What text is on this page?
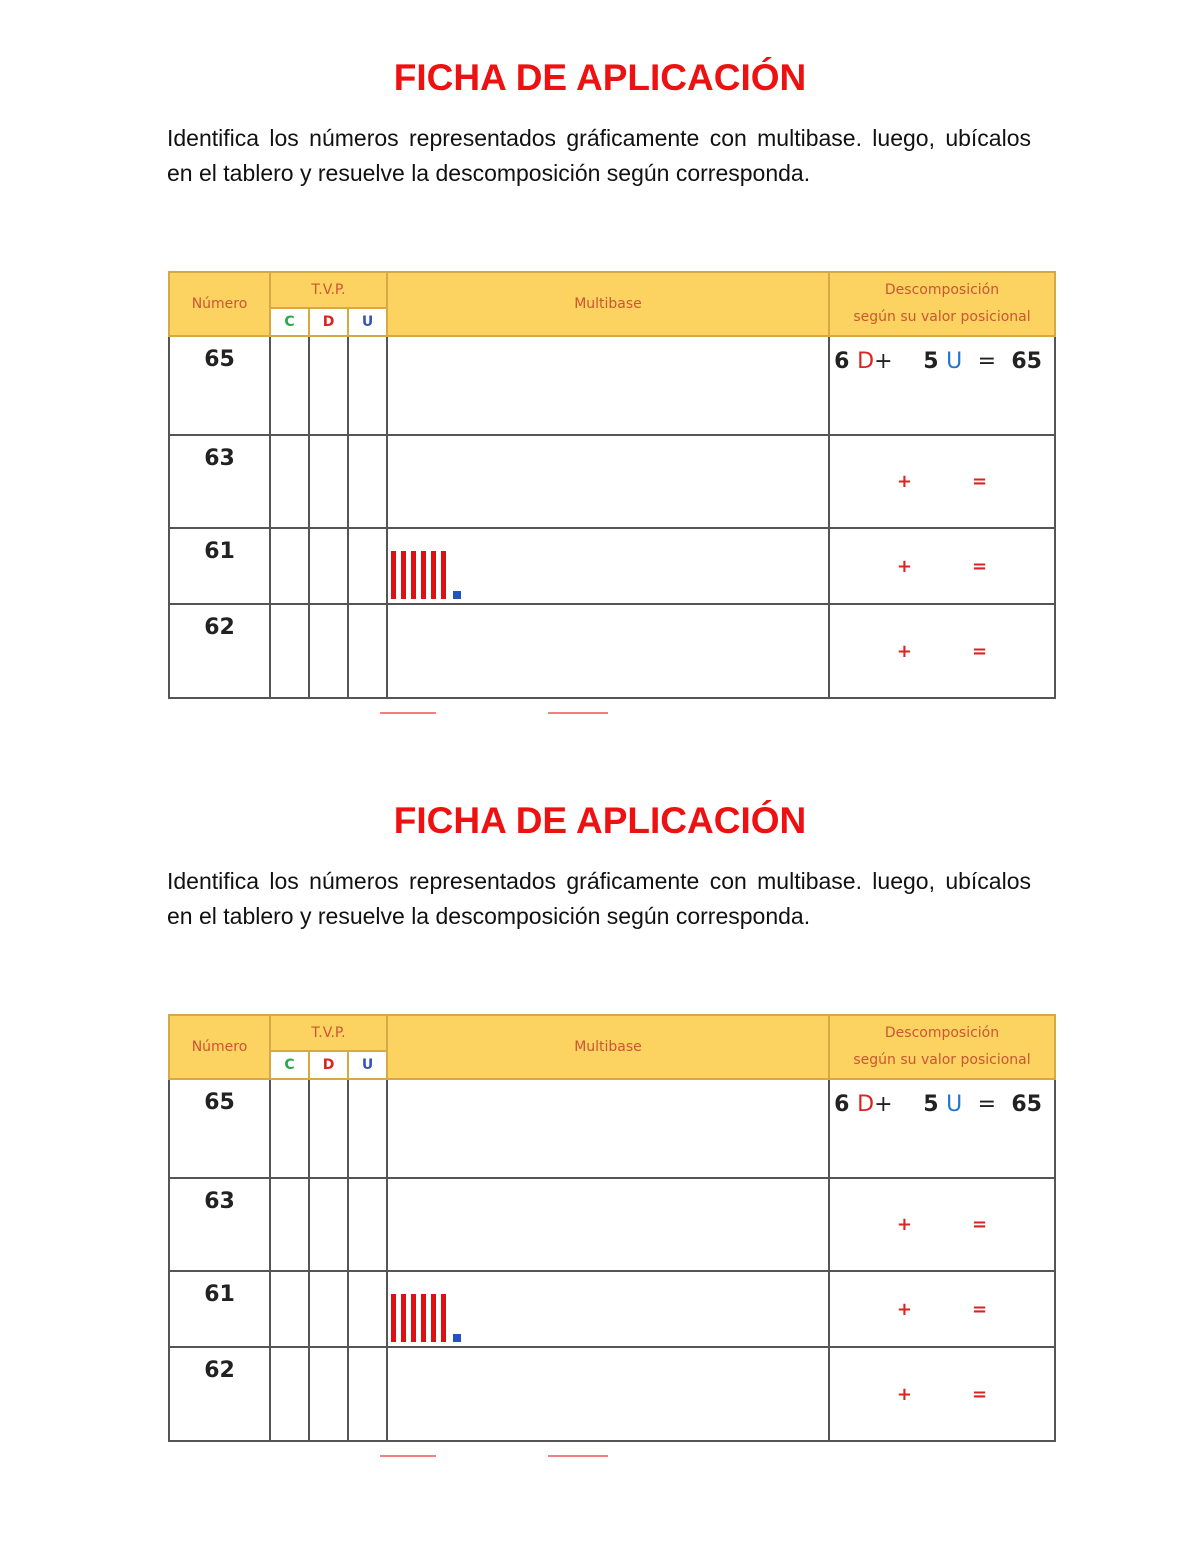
FICHA DE APLICACIÓN

Identifica los números representados gráficamente con multibase. luego, ubícalos en el tablero y resuelve la descomposición según corresponda.

Número	T.V.P.			Multibase	Descomposición
según su valor posicional

	C	D	U		
65					6 D+ 5 U = 65
63					+ =
61					+ =
62					+ =
FICHA DE APLICACIÓN

Identifica los números representados gráficamente con multibase. luego, ubícalos en el tablero y resuelve la descomposición según corresponda.

Número	T.V.P.			Multibase	Descomposición
según su valor posicional

	C	D	U		
65					6 D+ 5 U = 65
63					+ =
61					+ =
62					+ =
